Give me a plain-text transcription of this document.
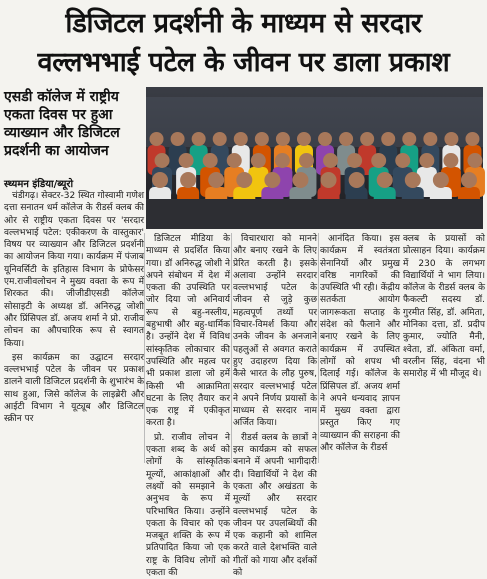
डिजिटल प्रदर्शनी के माध्यम से सरदार
वल्लभभाई पटेल के जीवन पर डाला प्रकाश
एसडी कॉलेज में राष्ट्रीय एकता दिवस पर हुआ व्याख्यान और डिजिटल प्रदर्शनी का आयोजन
स्थ्यमन इंडिया/ब्यूरो

चंडीगढ़। सेक्टर-32 स्थित गोस्वामी गणेश दत्ता सनातन धर्म कॉलेज के रीडर्स क्लब की ओर से राष्ट्रीय एकता दिवस पर 'सरदार वल्लभभाई पटेल: एकीकरण के वास्तुकार' विषय पर व्याख्यान और डिजिटल प्रदर्शनी का आयोजन किया गया। कार्यक्रम में पंजाब यूनिवर्सिटी के इतिहास विभाग के प्रोफेसर एम.राजीवलोचन ने मुख्य वक्ता के रूप में शिरकत की। जीजीडीएसडी कॉलेज सोसाइटी के अध्यक्ष डॉ. अनिरुद्ध जोशी और प्रिंसिपल डॉ. अजय शर्मा ने प्रो. राजीव लोचन का औपचारिक रूप से स्वागत किया।

इस कार्यक्रम का उद्घाटन सरदार वल्लभभाई पटेल के जीवन पर प्रकाश डालने वाली डिजिटल प्रदर्शनी के शुभारंभ के साथ हुआ, जिसे कॉलेज के लाइब्रेरी और आईटी विभाग ने यूट्यूब और डिजिटल स्क्रीन पर

डिजिटल मीडिया के माध्यम से प्रदर्शित किया गया। डॉ अनिरुद्ध जोशी ने अपने संबोधन में देश में एकता की उपस्थिति पर जोर दिया जो अनिवार्य रूप से बहु-नस्लीय, बहुभाषी और बहु-धार्मिक है। उन्होंने देश में विविध सांस्कृतिक लोकाचार की उपस्थिति और महत्व पर भी प्रकाश डाला जो हमें किसी भी आक्रामिता घटना के लिए तैयार कर एक राष्ट्र में एकीकृत करता है।

प्रो. राजीव लोचन ने एकता शब्द के अर्थ को लोगों के सांस्कृतिक मूल्यों, आकांक्षाओं और लक्ष्यों को समझाने के अनुभव के रूप में परिभाषित किया। उन्होंने एकता के विचार को एक मजबूत शक्ति के रूप में प्रतिपादित किया जो एक राष्ट्र के विविध लोगों को एकता की

विचारधारा को मानने और बनाए रखने के लिए प्रेरित करती है। इसके अलावा उन्होंने सरदार वल्लभभाई पटेल के जीवन से जुड़े कुछ महत्वपूर्ण तथ्यों पर विचार-विमर्श किया और उनके जीवन के अनजाने पहलुओं से अवगत कराते हुए उदाहरण दिया कि कैसे भारत के लौह पुरुष, सरदार वल्लभभाई पटेल ने अपने निर्णय प्रयासों के माध्यम से सरदार नाम अर्जित किया।

रीडर्स क्लब के छात्रों ने इस कार्यक्रम को सफल बनाने में अपनी भागीदारी दी। विद्यार्थियों ने देश की एकता और अखंडता के मूल्यों और सरदार वल्लभभाई पटेल के जीवन पर उपलब्धियों की एक कहानी को शामिल करते वाले देशभक्ति वाले गीतों को गाया और दर्शकों को

आनंदित किया। इस कार्यक्रम में स्वतंत्रता सेनानियों और प्रमुख वरिष्ठ नागरिकों की उपस्थिति भी रही। केंद्रीय सतर्कता आयोग जागरूकता सप्ताह के संदेश को फैलाने और बनाए रखने के लिए कार्यक्रम में उपस्थित लोगों को शपथ भी दिलाई गई। कॉलेज के प्रिंसिपल डॉ. अजय शर्मा ने अपने धन्यवाद ज्ञापन में मुख्य वक्ता द्वारा प्रस्तुत किए गए व्याख्यान की सराहना की और कॉलेज के रीडर्स

क्लब के प्रयासों को प्रोत्साहन दिया। कार्यक्रम में 230 के लगभग विद्यार्थियों ने भाग लिया। कॉलेज के रीडर्स क्लब के फैकल्टी सदस्य डॉ. गुरमीत सिंह, डॉ. अमिता, मोनिका दत्ता, डॉ. प्रदीप कुमार, ज्योति मैनी, श्वेता, डॉ. अंकिता वर्मा, वरलीन सिंह, वंदना भी समारोह में भी मौजूद थे।
